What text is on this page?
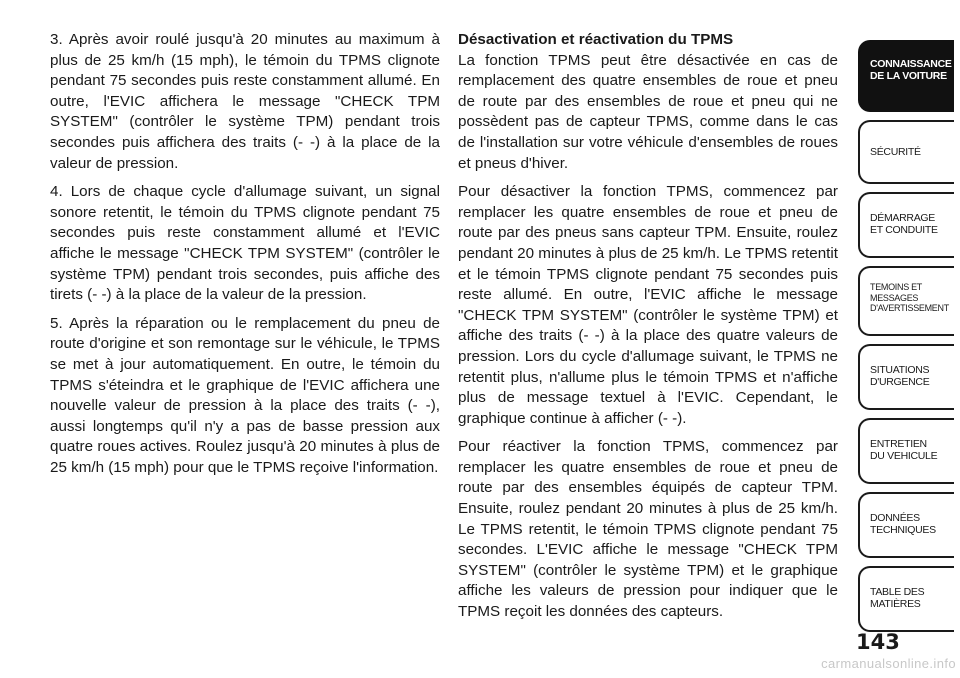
3. Après avoir roulé jusqu'à 20 minutes au maximum à plus de 25 km/h (15 mph), le témoin du TPMS clignote pendant 75 secondes puis reste constamment allumé. En outre, l'EVIC affichera le message "CHECK TPM SYSTEM" (contrôler le système TPM) pendant trois secondes puis affichera des traits (- -) à la place de la valeur de pression.

4. Lors de chaque cycle d'allumage suivant, un signal sonore retentit, le témoin du TPMS clignote pendant 75 secondes puis reste constamment allumé et l'EVIC affiche le message "CHECK TPM SYSTEM" (contrôler le système TPM) pendant trois secondes, puis affiche des tirets (- -) à la place de la valeur de la pression.

5. Après la réparation ou le remplacement du pneu de route d'origine et son remontage sur le véhicule, le TPMS se met à jour automatiquement. En outre, le témoin du TPMS s'éteindra et le graphique de l'EVIC affichera une nouvelle valeur de pression à la place des traits (- -), aussi longtemps qu'il n'y a pas de basse pression aux quatre roues actives. Roulez jusqu'à 20 minutes à plus de 25 km/h (15 mph) pour que le TPMS reçoive l'information.

Désactivation et réactivation du TPMS

La fonction TPMS peut être désactivée en cas de remplacement des quatre ensembles de roue et pneu de route par des ensembles de roue et pneu qui ne possèdent pas de capteur TPMS, comme dans le cas de l'installation sur votre véhicule d'ensembles de roues et pneus d'hiver.

Pour désactiver la fonction TPMS, commencez par remplacer les quatre ensembles de roue et pneu de route par des pneus sans capteur TPM. Ensuite, roulez pendant 20 minutes à plus de 25 km/h. Le TPMS retentit et le témoin TPMS clignote pendant 75 secondes puis reste allumé. En outre, l'EVIC affiche le message "CHECK TPM SYSTEM" (contrôler le système TPM) et affiche des traits (- -) à la place des quatre valeurs de pression. Lors du cycle d'allumage suivant, le TPMS ne retentit plus, n'allume plus le témoin TPMS et n'affiche plus de message textuel à l'EVIC. Cependant, le graphique continue à afficher (- -).

Pour réactiver la fonction TPMS, commencez par remplacer les quatre ensembles de roue et pneu de route par des ensembles équipés de capteur TPM. Ensuite, roulez pendant 20 minutes à plus de 25 km/h. Le TPMS retentit, le témoin TPMS clignote pendant 75 secondes. L'EVIC affiche le message "CHECK TPM SYSTEM" (contrôler le système TPM) et le graphique affiche les valeurs de pression pour indiquer que le TPMS reçoit les données des capteurs.

CONNAISSANCE
DE LA VOITURE
SÉCURITÉ
DÉMARRAGE
ET CONDUITE
TEMOINS ET
MESSAGES
D'AVERTISSEMENT
SITUATIONS
D'URGENCE
ENTRETIEN
DU VEHICULE
DONNÉES
TECHNIQUES
TABLE DES
MATIÈRES
143
carmanualsonline.info
